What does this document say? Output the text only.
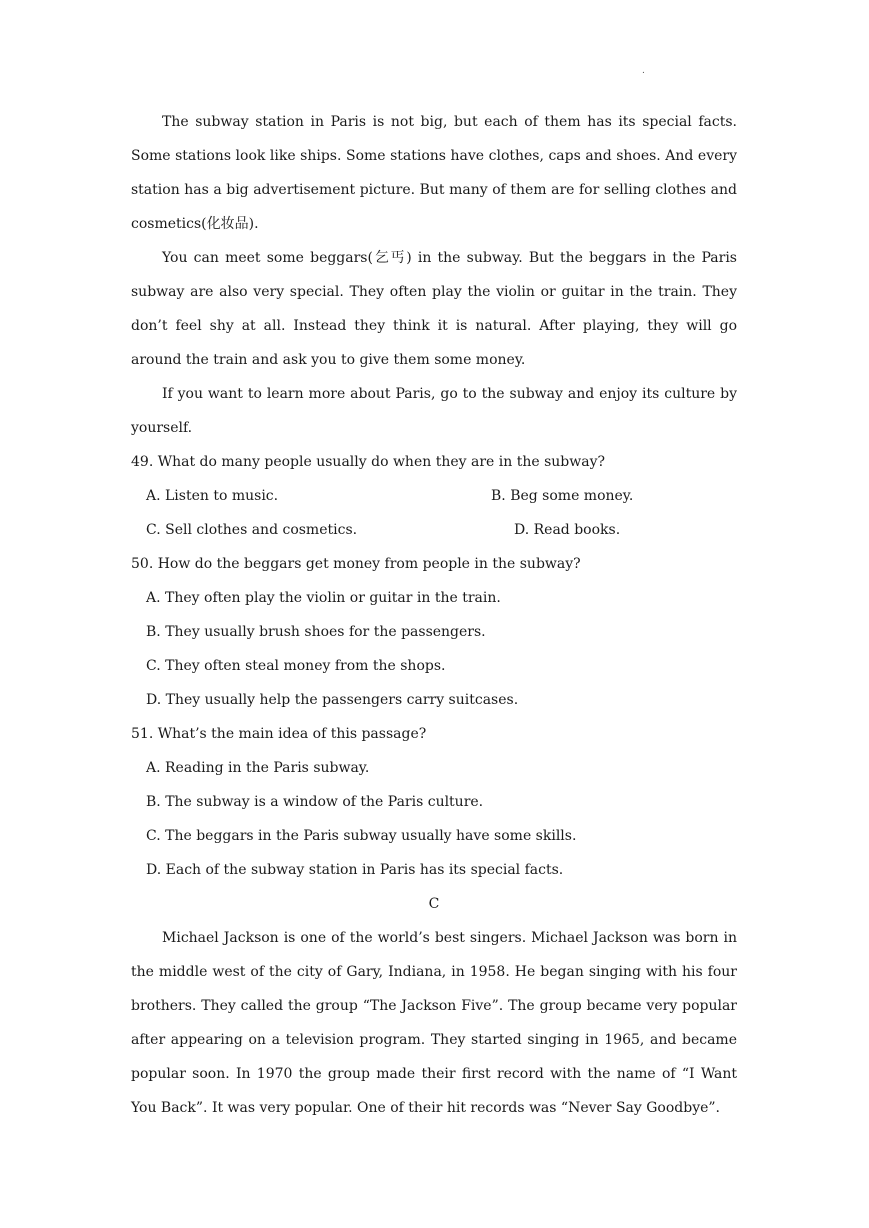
.

The subway station in Paris is not big, but each of them has its special facts. Some stations look like ships. Some stations have clothes, caps and shoes. And every station has a big advertisement picture. But many of them are for selling clothes and cosmetics(化妆品).

You can meet some beggars(乞丐) in the subway. But the beggars in the Paris subway are also very special. They often play the violin or guitar in the train. They don’t feel shy at all. Instead they think it is natural. After playing, they will go around the train and ask you to give them some money.

If you want to learn more about Paris, go to the subway and enjoy its culture by yourself.

49. What do many people usually do when they are in the subway?
A. Listen to music.	B. Beg some money.
C. Sell clothes and cosmetics.	D. Read books.
50. How do the beggars get money from people in the subway?
A. They often play the violin or guitar in the train.
B. They usually brush shoes for the passengers.
C. They often steal money from the shops.
D. They usually help the passengers carry suitcases.
51. What’s the main idea of this passage?
A. Reading in the Paris subway.
B. The subway is a window of the Paris culture.
C. The beggars in the Paris subway usually have some skills.
D. Each of the subway station in Paris has its special facts.
C

Michael Jackson is one of the world’s best singers. Michael Jackson was born in the middle west of the city of Gary, Indiana, in 1958. He began singing with his four brothers. They called the group “The Jackson Five”. The group became very popular after appearing on a television program. They started singing in 1965, and became popular soon. In 1970 the group made their first record with the name of “I Want You Back”. It was very popular. One of their hit records was “Never Say Goodbye”.
